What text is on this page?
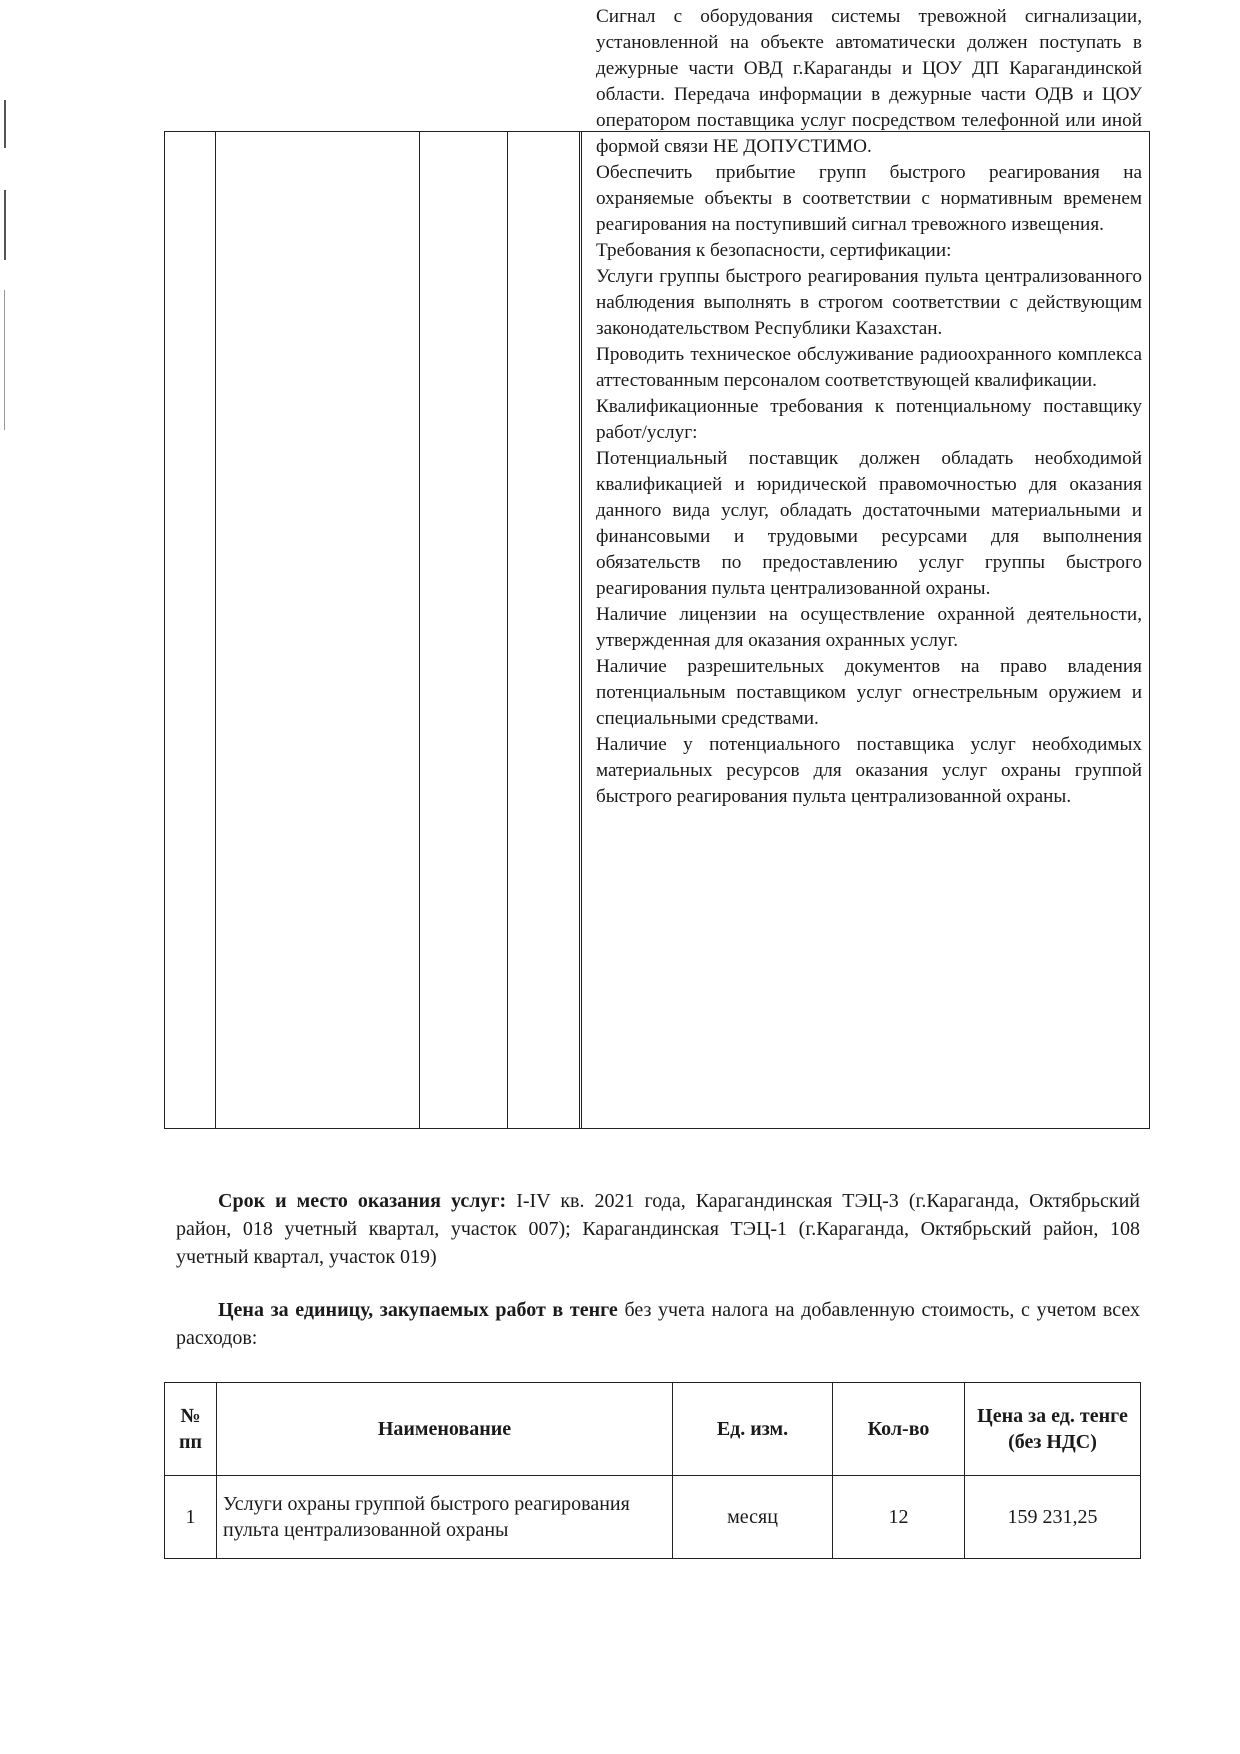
Сигнал с оборудования системы тревожной сигнализации, установленной на объекте автоматически должен поступать в дежурные части ОВД г.Караганды и ЦОУ ДП Карагандинской области. Передача информации в дежурные части ОДВ и ЦОУ оператором поставщика услуг посредством телефонной или иной формой связи НЕ ДОПУСТИМО.

Обеспечить прибытие групп быстрого реагирования на охраняемые объекты в соответствии с нормативным временем реагирования на поступивший сигнал тревожного извещения.

Требования к безопасности, сертификации:

Услуги группы быстрого реагирования пульта централизованного наблюдения выполнять в строгом соответствии с действующим законодательством Республики Казахстан.

Проводить техническое обслуживание радиоохранного комплекса аттестованным персоналом соответствующей квалификации.

Квалификационные требования к потенциальному поставщику работ/услуг:

Потенциальный поставщик должен обладать необходимой квалификацией и юридической правомочностью для оказания данного вида услуг, обладать достаточными материальными и финансовыми и трудовыми ресурсами для выполнения обязательств по предоставлению услуг группы быстрого реагирования пульта централизованной охраны.

Наличие лицензии на осуществление охранной деятельности, утвержденная для оказания охранных услуг.

Наличие разрешительных документов на право владения потенциальным поставщиком услуг огнестрельным оружием и специальными средствами.

Наличие у потенциального поставщика услуг необходимых материальных ресурсов для оказания услуг охраны группой быстрого реагирования пульта централизованной охраны.

Срок и место оказания услуг: I-IV кв. 2021 года, Карагандинская ТЭЦ-3 (г.Караганда, Октябрьский район, 018 учетный квартал, участок 007); Карагандинская ТЭЦ-1 (г.Караганда, Октябрьский район, 108 учетный квартал, участок 019)
Цена за единицу, закупаемых работ в тенге без учета налога на добавленную стоимость, с учетом всех расходов:
№ пп	Наименование	Ед. изм.	Кол-во	Цена за ед. тенге (без НДС)
1	Услуги охраны группой быстрого реагирования пульта централизованной охраны	месяц	12	159 231,25
